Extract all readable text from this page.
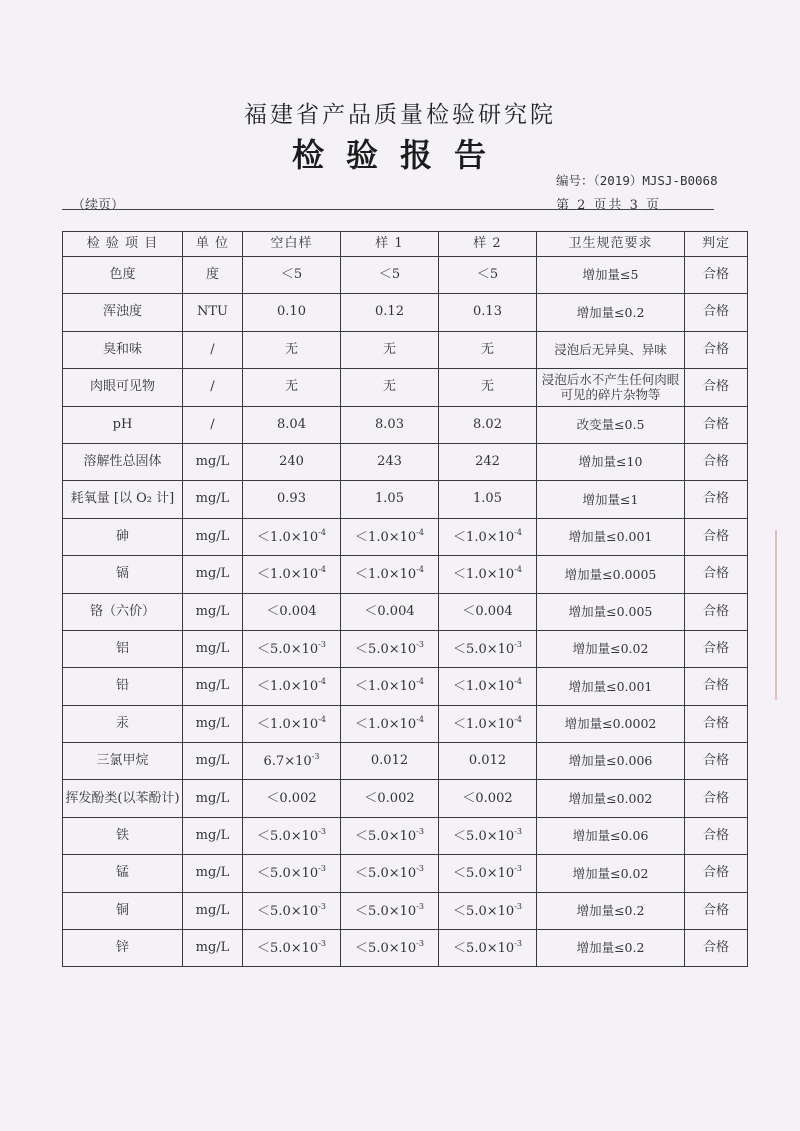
福建省产品质量检验研究院
检验报告
编号：（2019）MJSJ-B0068
（续页）	第 2 页共 3 页
检 验 项 目	单 位	空白样	样 1	样 2	卫生规范要求	判定
色度	度	＜5	＜5	＜5	增加量≤5	合格
浑浊度	NTU	0.10	0.12	0.13	增加量≤0.2	合格
臭和味	/	无	无	无	浸泡后无异臭、异味	合格
肉眼可见物	/	无	无	无	浸泡后水不产生任何肉眼可见的碎片杂物等	合格
pH	/	8.04	8.03	8.02	改变量≤0.5	合格
溶解性总固体	mg/L	240	243	242	增加量≤10	合格
耗氧量 [以 O₂ 计]	mg/L	0.93	1.05	1.05	增加量≤1	合格
砷	mg/L	$<1.0\times 10^{-4}$	$<1.0\times 10^{-4}$	$<1.0\times 10^{-4}$	增加量≤0.001	合格
镉	mg/L	$<1.0\times 10^{-4}$	$<1.0\times 10^{-4}$	$<1.0\times 10^{-4}$	增加量≤0.0005	合格
铬（六价）	mg/L	＜0.004	＜0.004	＜0.004	增加量≤0.005	合格
铝	mg/L	$<5.0\times 10^{-3}$	$<5.0\times 10^{-3}$	$<5.0\times 10^{-3}$	增加量≤0.02	合格
铅	mg/L	$<1.0\times 10^{-4}$	$<1.0\times 10^{-4}$	$<1.0\times 10^{-4}$	增加量≤0.001	合格
汞	mg/L	$<1.0\times 10^{-4}$	$<1.0\times 10^{-4}$	$<1.0\times 10^{-4}$	增加量≤0.0002	合格
三氯甲烷	mg/L	$6.7\times 10^{-3}$	0.012	0.012	增加量≤0.006	合格
挥发酚类(以苯酚计)	mg/L	＜0.002	＜0.002	＜0.002	增加量≤0.002	合格
铁	mg/L	$<5.0\times 10^{-3}$	$<5.0\times 10^{-3}$	$<5.0\times 10^{-3}$	增加量≤0.06	合格
锰	mg/L	$<5.0\times 10^{-3}$	$<5.0\times 10^{-3}$	$<5.0\times 10^{-3}$	增加量≤0.02	合格
铜	mg/L	$<5.0\times 10^{-3}$	$<5.0\times 10^{-3}$	$<5.0\times 10^{-3}$	增加量≤0.2	合格
锌	mg/L	$<5.0\times 10^{-3}$	$<5.0\times 10^{-3}$	$<5.0\times 10^{-3}$	增加量≤0.2	合格
